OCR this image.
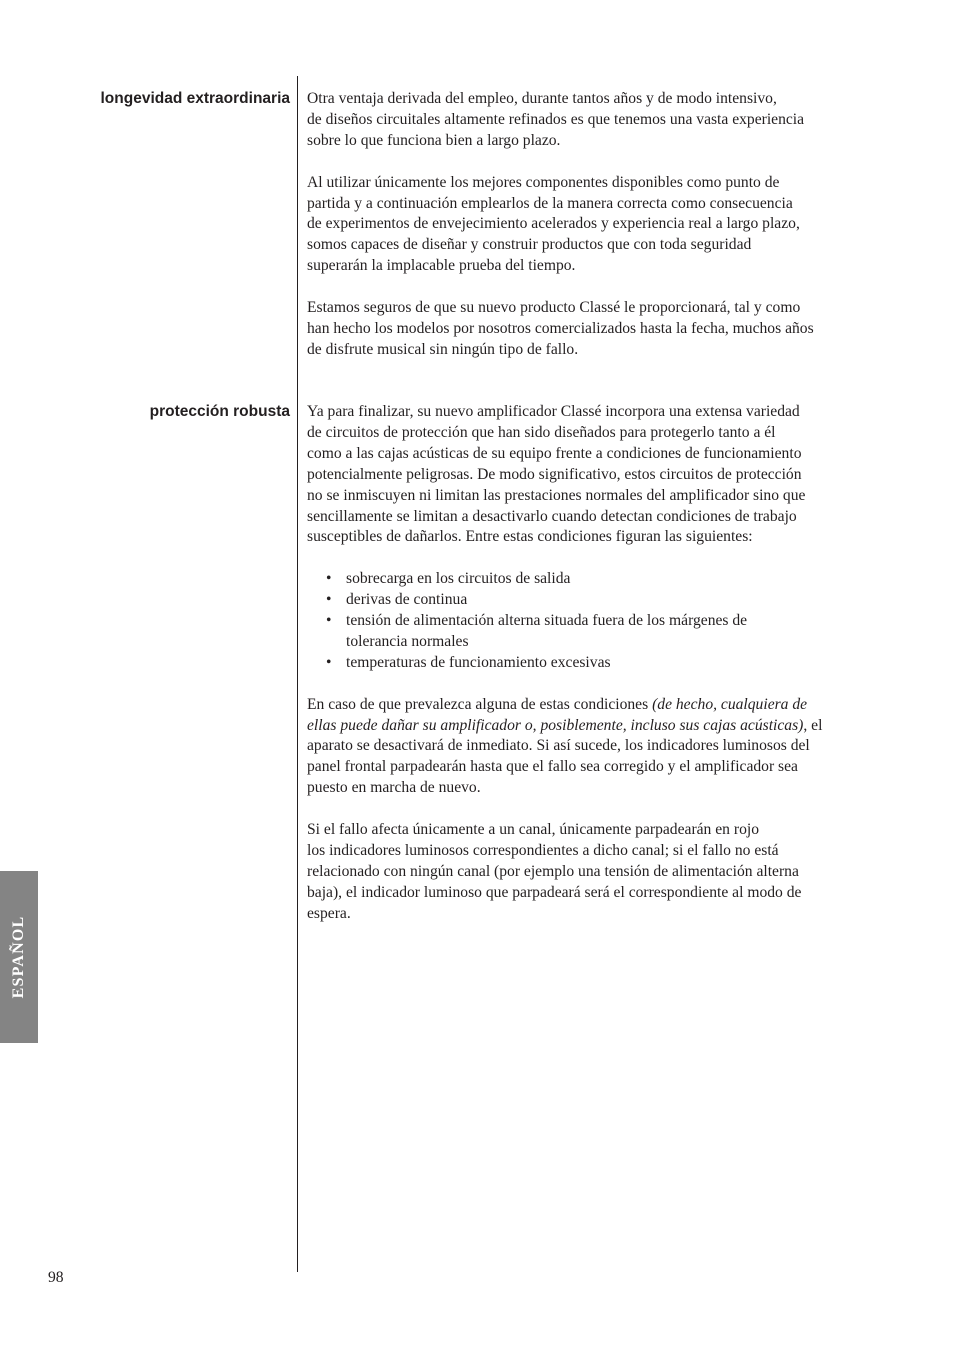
longevidad extraordinaria Otra ventaja derivada del empleo, durante tantos años y de modo intensivo,
de diseños circuitales altamente refinados es que tenemos una vasta experiencia
sobre lo que funciona bien a largo plazo.

Al utilizar únicamente los mejores componentes disponibles como punto de
partida y a continuación emplearlos de la manera correcta como consecuencia
de experimentos de envejecimiento acelerados y experiencia real a largo plazo,
somos capaces de diseñar y construir productos que con toda seguridad
superarán la implacable prueba del tiempo.

Estamos seguros de que su nuevo producto Classé le proporcionará, tal y como
han hecho los modelos por nosotros comercializados hasta la fecha, muchos años
de disfrute musical sin ningún tipo de fallo.

protección robusta Ya para finalizar, su nuevo amplificador Classé incorpora una extensa variedad
de circuitos de protección que han sido diseñados para protegerlo tanto a él
como a las cajas acústicas de su equipo frente a condiciones de funcionamiento
potencialmente peligrosas. De modo significativo, estos circuitos de protección
no se inmiscuyen ni limitan las prestaciones normales del amplificador sino que
sencillamente se limitan a desactivarlo cuando detectan condiciones de trabajo
susceptibles de dañarlos. Entre estas condiciones figuran las siguientes:

• sobrecarga en los circuitos de salida
• derivas de continua
• tensión de alimentación alterna situada fuera de los márgenes de
tolerancia normales
• temperaturas de funcionamiento excesivas

En caso de que prevalezca alguna de estas condiciones (de hecho, cualquiera de
ellas puede dañar su amplificador o, posiblemente, incluso sus cajas acústicas), el
aparato se desactivará de inmediato. Si así sucede, los indicadores luminosos del
panel frontal parpadearán hasta que el fallo sea corregido y el amplificador sea
puesto en marcha de nuevo.

Si el fallo afecta únicamente a un canal, únicamente parpadearán en rojo
los indicadores luminosos correspondientes a dicho canal; si el fallo no está
relacionado con ningún canal (por ejemplo una tensión de alimentación alterna
baja), el indicador luminoso que parpadeará será el correspondiente al modo de
espera.

ESPAÑOL
98
